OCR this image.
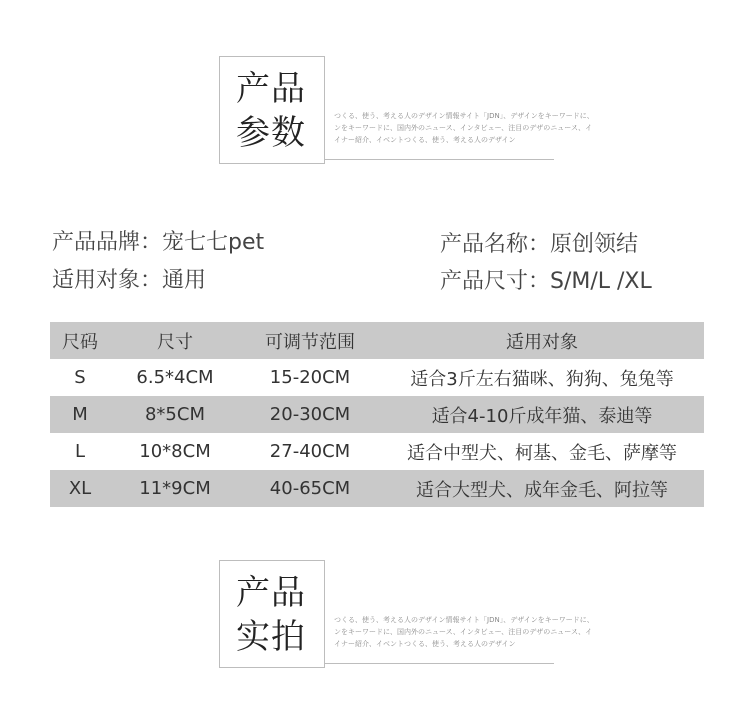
产品
参数	つくる、使う、考える人のデザイン情報サイト「JDN」、デザインをキーワードに、
ンをキーワードに、国内外のニュース、インタビュー、注目のデザのニュース、イ
イナー紹介、イベントつくる、使う、考える人のデザイン
产品品牌：宠七七pet	产品名称：原创领结
适用对象：通用	产品尺寸：S/M/L /XL
尺码	尺寸	可调节范围	适用对象
S	6.5*4CM	15-20CM	适合3斤左右猫咪、狗狗、兔兔等
M	8*5CM	20-30CM	适合4-10斤成年猫、泰迪等
L	10*8CM	27-40CM	适合中型犬、柯基、金毛、萨摩等
XL	11*9CM	40-65CM	适合大型犬、成年金毛、阿拉等
产品
实拍	つくる、使う、考える人のデザイン情報サイト「JDN」、デザインをキーワードに、
ンをキーワードに、国内外のニュース、インタビュー、注目のデザのニュース、イ
イナー紹介、イベントつくる、使う、考える人のデザイン
